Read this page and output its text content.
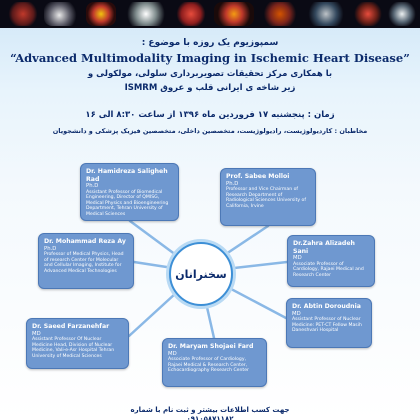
سمپوزیوم یک روزه با موضوع :
“Advanced Multimodality Imaging in Ischemic Heart Disease”
با همکاری مرکز تحقیقات تصویربرداری سلولی، مولکولی و
زیر شاخه ی ایرانی قلب و عروق ISMRM
زمان : پنجشنبه ۱۷ فروردین ماه ۱۳۹۶ از ساعت ۸:۳۰ الی ۱۶
مخاطبان : کاردیولوژیست، رادیولوژیست، متخصصین داخلی، متخصصین فیزیک پزشکی و دانشجویان
سخنرانان
Dr. Hamidreza Saligheh Rad
Ph.D
Assistant Professor of Biomedical Engineering, Director of QMISG, Medical Physics and Bioengineering Department, Tehran University of Medical Sciences
Prof. Sabee Molloi
Ph.D
Professor and Vice Chairman of Research Department of Radiological Sciences University of California, Irvine
Dr. Mohammad Reza Ay
Ph.D
Professor of Medical Physics, Head of research Center for Molecular and Cellular Imaging, Institute for Advanced Medical Technologies
Dr.Zahra Alizadeh Sani
MD
Associate Professor of Cardiology, Rajaei Medical and Research Center
Dr. Saeed Farzanehfar
MD
Assistant Professor Of Nuclear Medicine Head, Division of Nuclear Medicine, Vali-e-Asr Hospital Tehran University of Medical Sciences
Dr. Abtin Doroudnia
MD
Assistant Professor of Nuclear Medicine: PET-CT Fellow Masih Daneshvari Hospital
Dr. Maryam Shojaei Fard
MD
Associate Professor of Cardiology, Rajaei Medical & Research Center, Echocardiography Research Center
جهت کسب اطلاعات بیشتر و ثبت نام با شماره
۰۹۱۰۵۸۷۱۱۸۲
